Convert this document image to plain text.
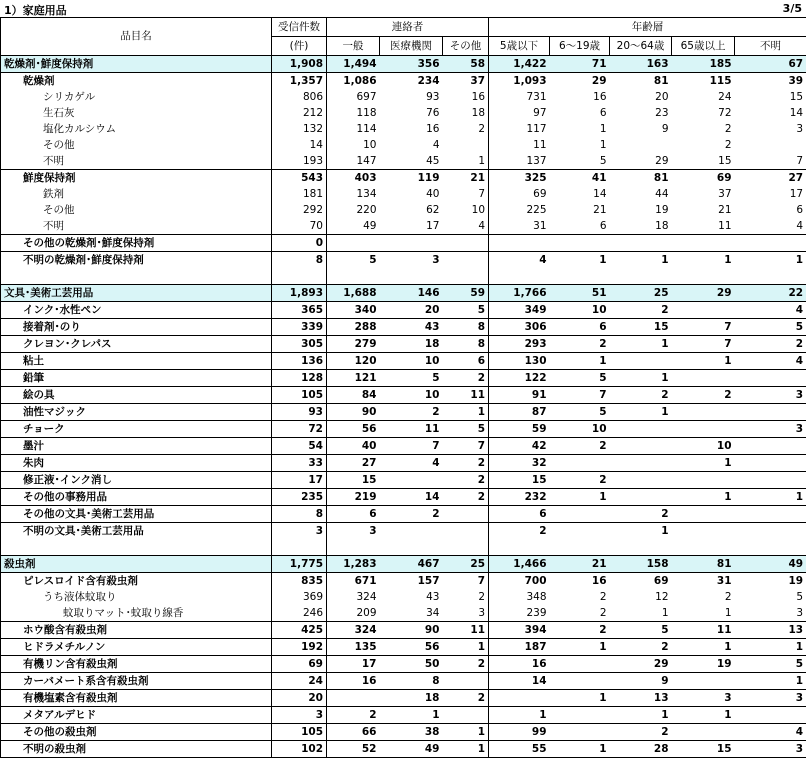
1）家庭用品	3/5
品目名	受信件数	連絡者			年齢層				
	(件)	一般	医療機関	その他	5歳以下	6～19歳	20～64歳	65歳以上	不明
乾燥剤･鮮度保持剤	1,908	1,494	356	58	1,422	71	163	185	67
乾燥剤	1,357	1,086	234	37	1,093	29	81	115	39
シリカゲル	806	697	93	16	731	16	20	24	15
生石灰	212	118	76	18	97	6	23	72	14
塩化カルシウム	132	114	16	2	117	1	9	2	3
その他	14	10	4		11	1		2	
不明	193	147	45	1	137	5	29	15	7
鮮度保持剤	543	403	119	21	325	41	81	69	27
鉄剤	181	134	40	7	69	14	44	37	17
その他	292	220	62	10	225	21	19	21	6
不明	70	49	17	4	31	6	18	11	4
その他の乾燥剤･鮮度保持剤	0								
不明の乾燥剤･鮮度保持剤	8	5	3		4	1	1	1	1

文具･美術工芸用品	1,893	1,688	146	59	1,766	51	25	29	22
インク･水性ペン	365	340	20	5	349	10	2		4
接着剤･のり	339	288	43	8	306	6	15	7	5
クレヨン･クレパス	305	279	18	8	293	2	1	7	2
粘土	136	120	10	6	130	1		1	4
鉛筆	128	121	5	2	122	5	1		
絵の具	105	84	10	11	91	7	2	2	3
油性マジック	93	90	2	1	87	5	1		
チョーク	72	56	11	5	59	10			3
墨汁	54	40	7	7	42	2		10	
朱肉	33	27	4	2	32			1	
修正液･インク消し	17	15		2	15	2			
その他の事務用品	235	219	14	2	232	1		1	1
その他の文具･美術工芸用品	8	6	2		6		2		
不明の文具･美術工芸用品	3	3			2		1		

殺虫剤	1,775	1,283	467	25	1,466	21	158	81	49
ピレスロイド含有殺虫剤	835	671	157	7	700	16	69	31	19
うち液体蚊取り	369	324	43	2	348	2	12	2	5
蚊取りマット･蚊取り線香	246	209	34	3	239	2	1	1	3
ホウ酸含有殺虫剤	425	324	90	11	394	2	5	11	13
ヒドラメチルノン	192	135	56	1	187	1	2	1	1
有機リン含有殺虫剤	69	17	50	2	16		29	19	5
カーバメート系含有殺虫剤	24	16	8		14		9		1
有機塩素含有殺虫剤	20		18	2		1	13	3	3
メタアルデヒド	3	2	1		1		1	1	
その他の殺虫剤	105	66	38	1	99		2		4
不明の殺虫剤	102	52	49	1	55	1	28	15	3
